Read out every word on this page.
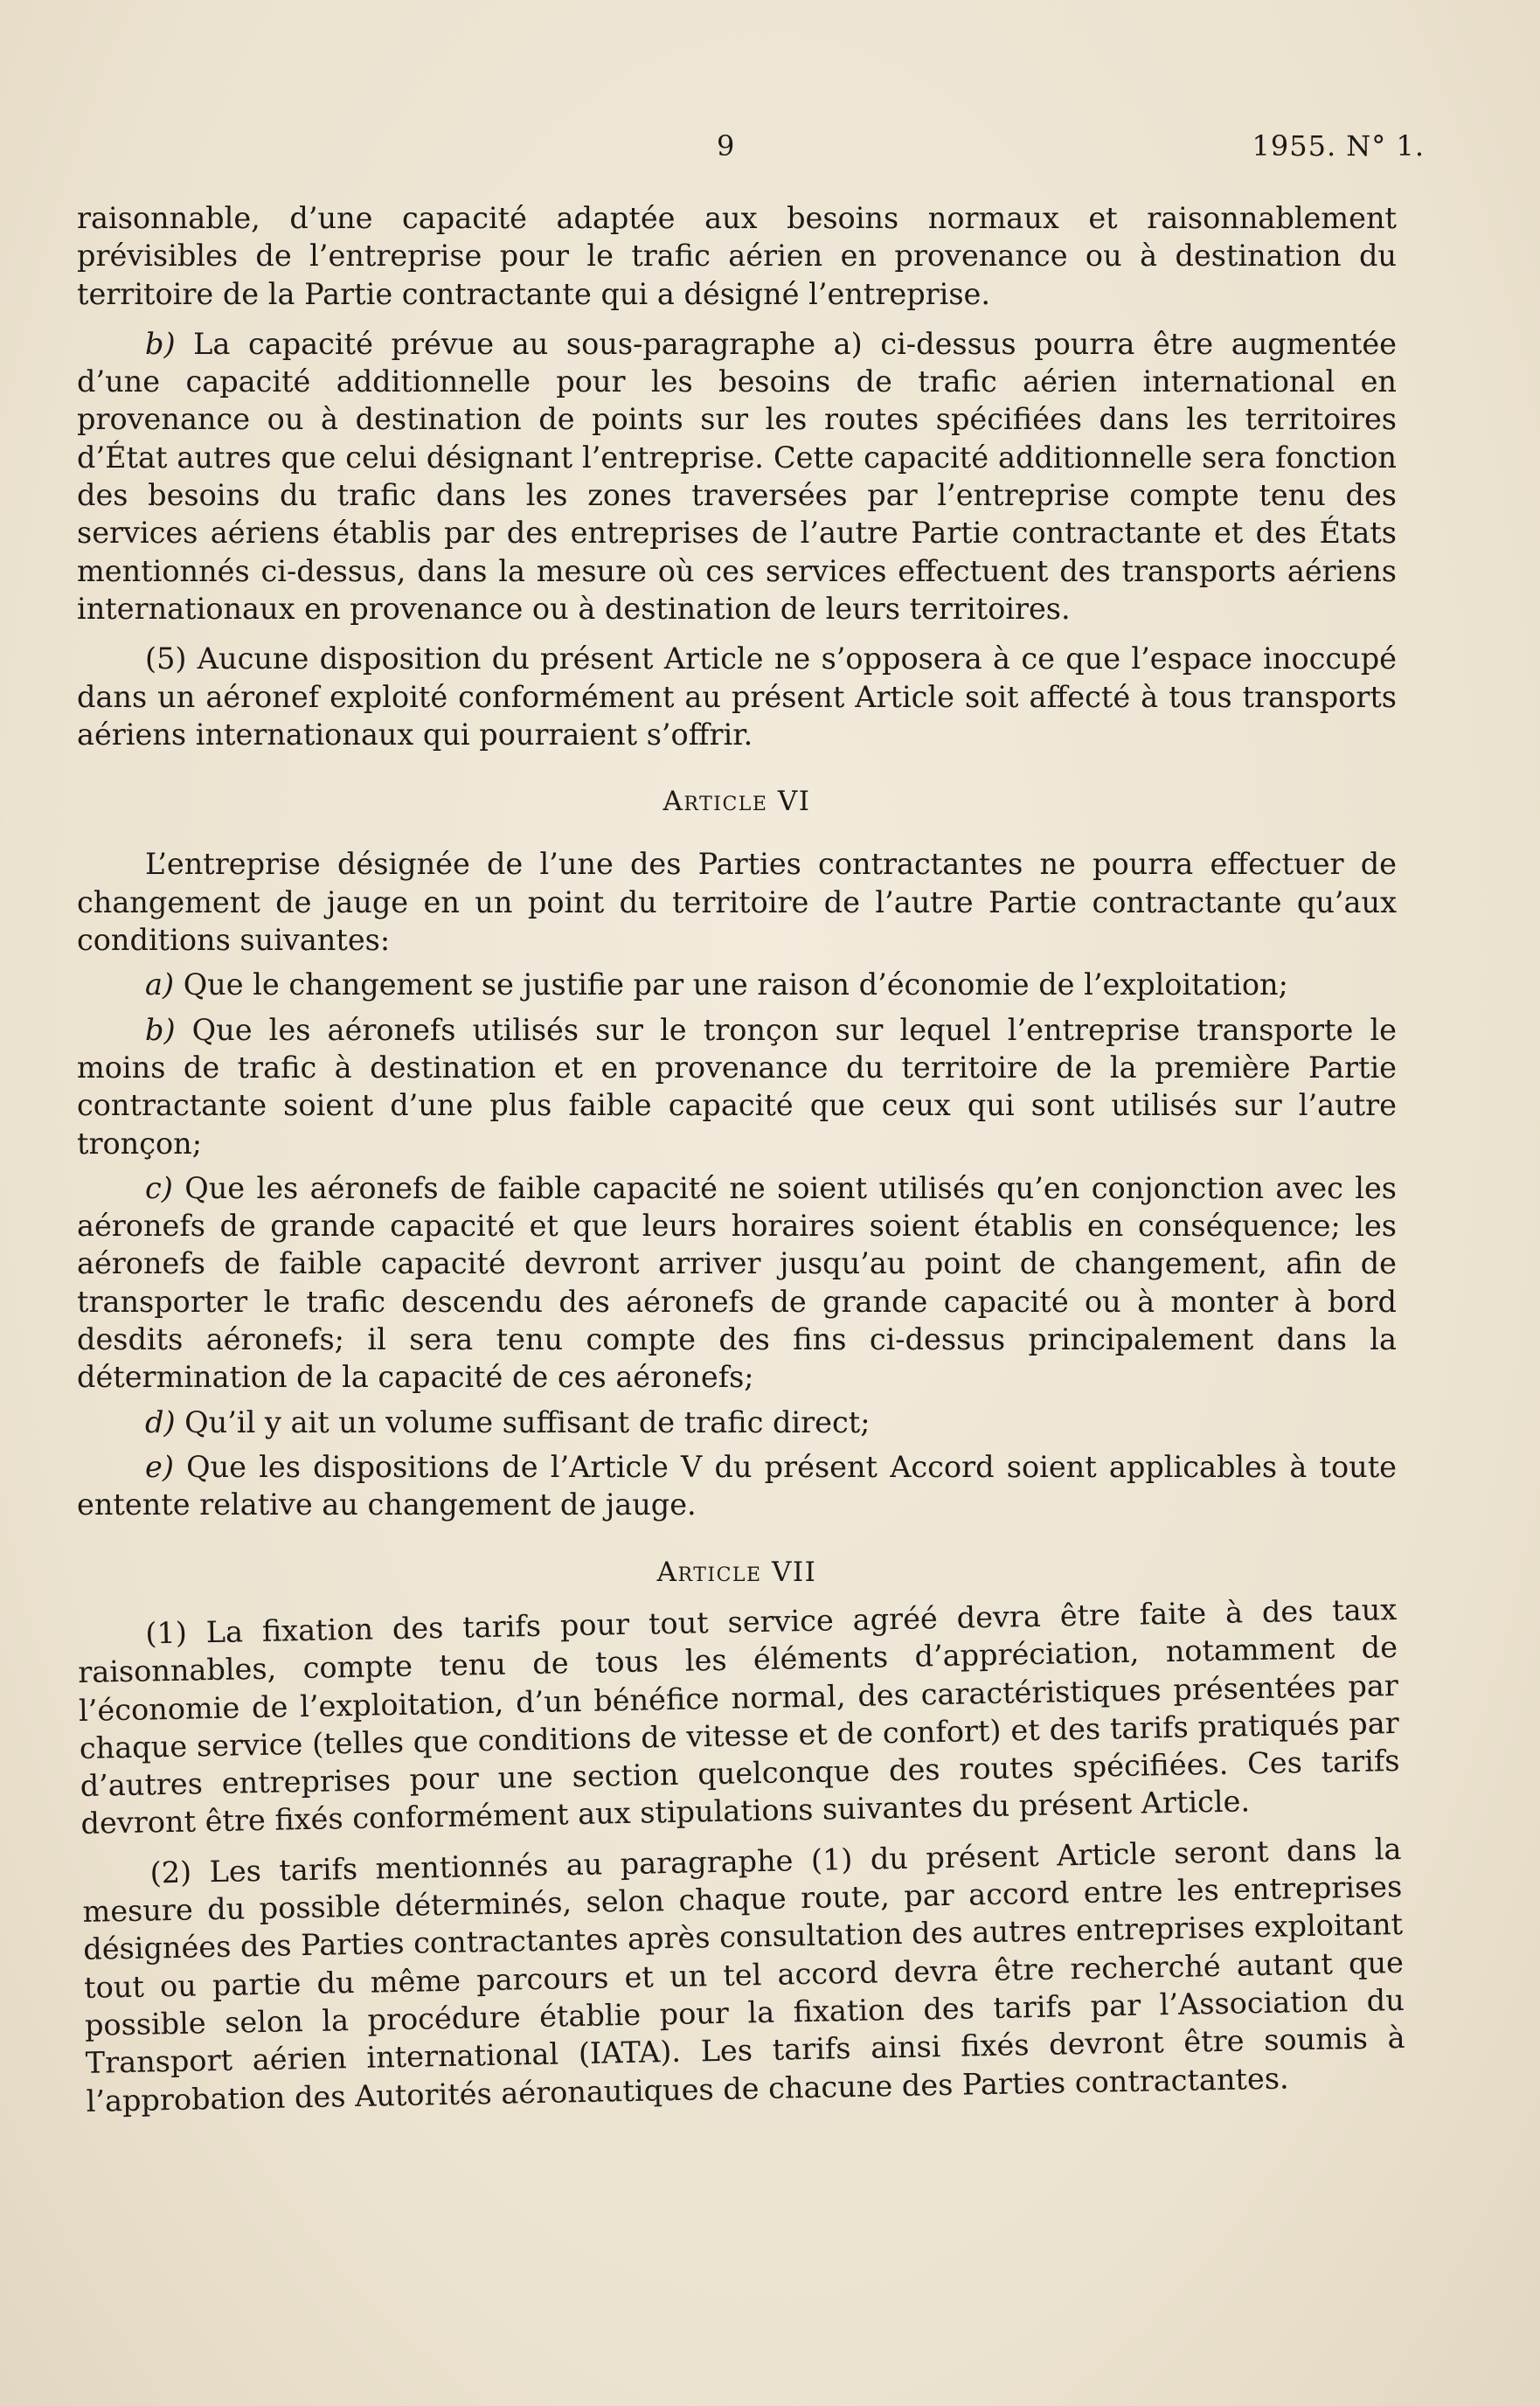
9	1955. N° 1.

raisonnable, d’une capacité adaptée aux besoins normaux et raisonnablement prévisibles de l’entreprise pour le trafic aérien en provenance ou à destination du territoire de la Partie contractante qui a désigné l’entreprise.

b) La capacité prévue au sous-paragraphe a) ci-dessus pourra être augmentée d’une capacité additionnelle pour les besoins de trafic aérien international en provenance ou à destination de points sur les routes spécifiées dans les territoires d’État autres que celui désignant l’entreprise. Cette capacité additionnelle sera fonction des besoins du trafic dans les zones traversées par l’entreprise compte tenu des services aériens établis par des entreprises de l’autre Partie contractante et des États mentionnés ci-dessus, dans la mesure où ces services effectuent des transports aériens internationaux en provenance ou à destination de leurs territoires.

(5) Aucune disposition du présent Article ne s’opposera à ce que l’espace inoccupé dans un aéronef exploité conformément au présent Article soit affecté à tous transports aériens internationaux qui pourraient s’offrir.

Article VI

L’entreprise désignée de l’une des Parties contractantes ne pourra effectuer de changement de jauge en un point du territoire de l’autre Partie contractante qu’aux conditions suivantes:

a) Que le changement se justifie par une raison d’économie de l’exploitation;

b) Que les aéronefs utilisés sur le tronçon sur lequel l’entreprise transporte le moins de trafic à destination et en provenance du territoire de la première Partie contractante soient d’une plus faible capacité que ceux qui sont utilisés sur l’autre tronçon;

c) Que les aéronefs de faible capacité ne soient utilisés qu’en conjonction avec les aéronefs de grande capacité et que leurs horaires soient établis en conséquence; les aéronefs de faible capacité devront arriver jusqu’au point de changement, afin de transporter le trafic descendu des aéronefs de grande capacité ou à monter à bord desdits aéronefs; il sera tenu compte des fins ci-dessus principalement dans la détermination de la capacité de ces aéronefs;

d) Qu’il y ait un volume suffisant de trafic direct;

e) Que les dispositions de l’Article V du présent Accord soient applicables à toute entente relative au changement de jauge.

Article VII

(1) La fixation des tarifs pour tout service agréé devra être faite à des taux raisonnables, compte tenu de tous les éléments d’appréciation, notamment de l’économie de l’exploitation, d’un bénéfice normal, des caractéristiques présentées par chaque service (telles que conditions de vitesse et de confort) et des tarifs pratiqués par d’autres entreprises pour une section quelconque des routes spécifiées. Ces tarifs devront être fixés conformément aux stipulations suivantes du présent Article.

(2) Les tarifs mentionnés au paragraphe (1) du présent Article seront dans la mesure du possible déterminés, selon chaque route, par accord entre les entreprises désignées des Parties contractantes après consultation des autres entreprises exploitant tout ou partie du même parcours et un tel accord devra être recherché autant que possible selon la procédure établie pour la fixation des tarifs par l’Association du Transport aérien international (IATA). Les tarifs ainsi fixés devront être soumis à l’approbation des Autorités aéronautiques de chacune des Parties contractantes.
